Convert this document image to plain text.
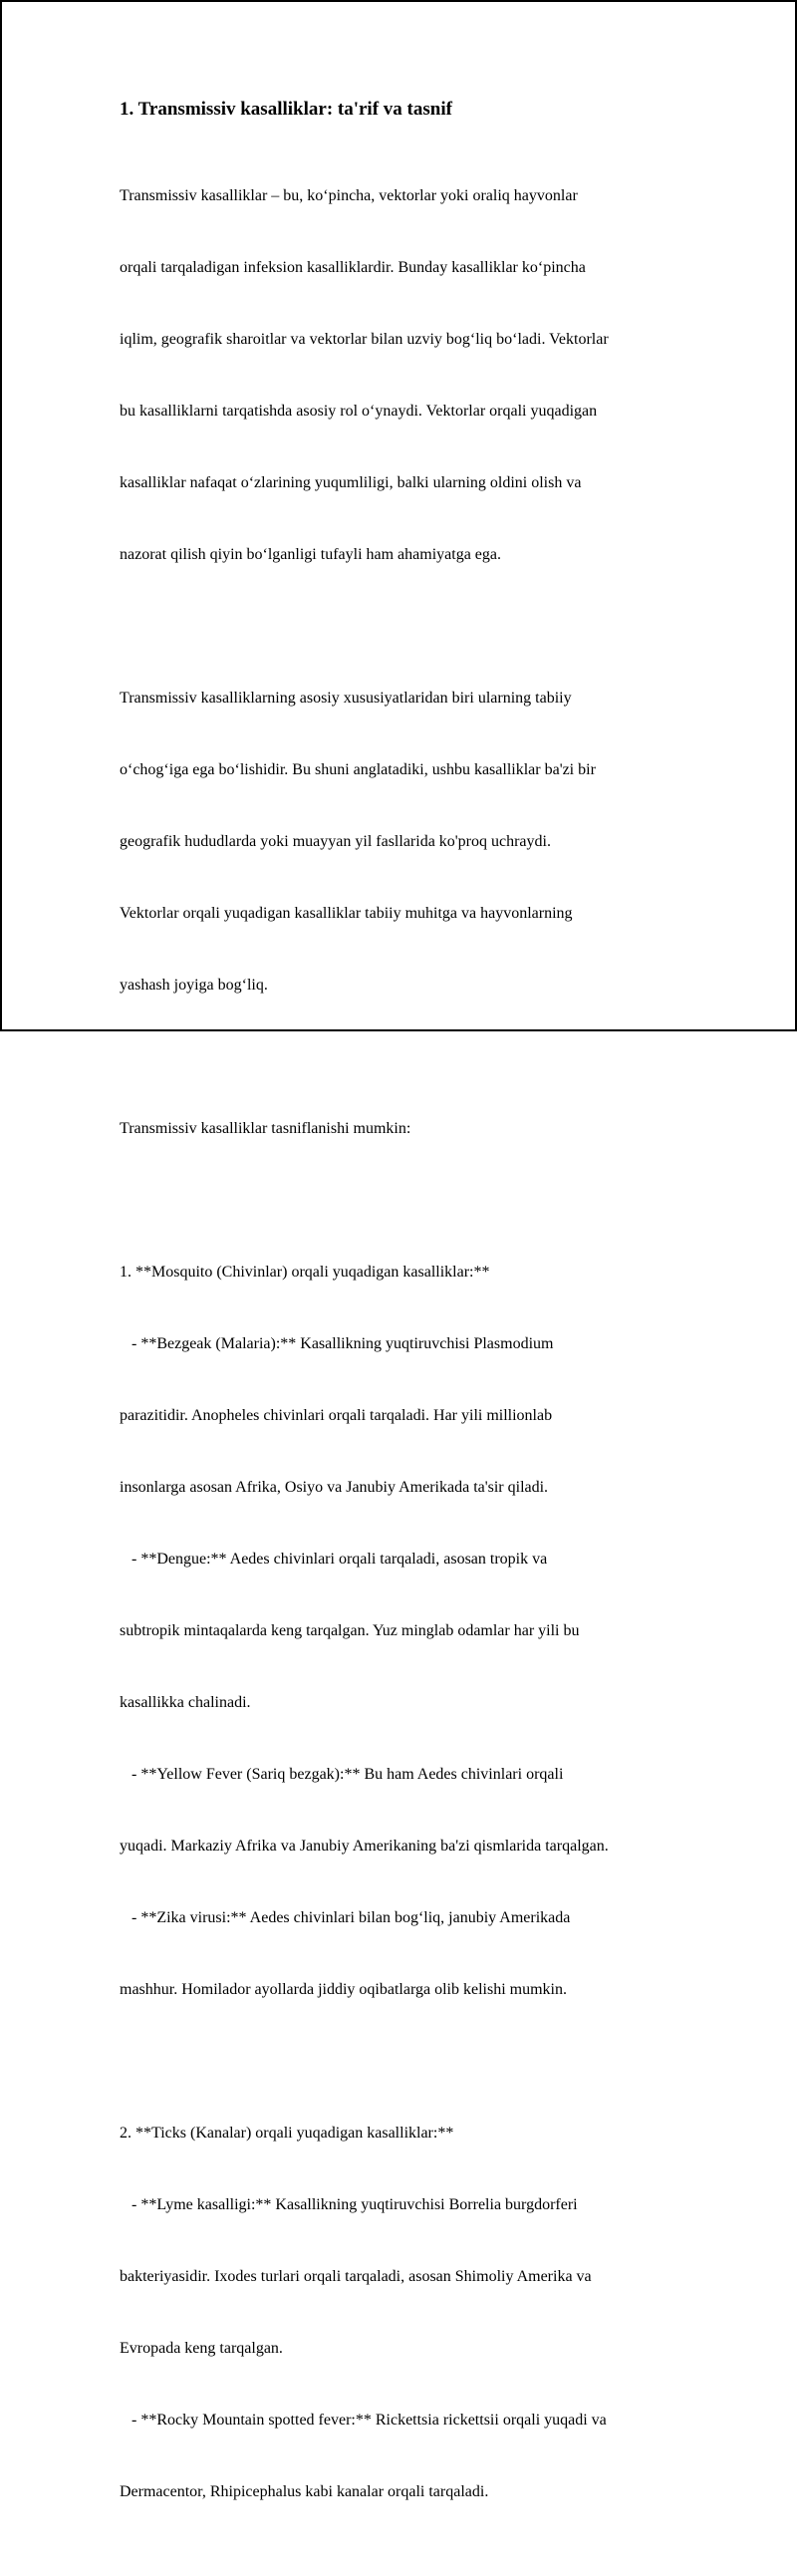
1. Transmissiv kasalliklar: ta'rif va tasnif

Transmissiv kasalliklar – bu, koʻpincha, vektorlar yoki oraliq hayvonlar

orqali tarqaladigan infeksion kasalliklardir. Bunday kasalliklar koʻpincha

iqlim, geografik sharoitlar va vektorlar bilan uzviy bogʻliq boʻladi. Vektorlar

bu kasalliklarni tarqatishda asosiy rol oʻynaydi. Vektorlar orqali yuqadigan

kasalliklar nafaqat oʻzlarining yuqumliligi, balki ularning oldini olish va

nazorat qilish qiyin boʻlganligi tufayli ham ahamiyatga ega.

Transmissiv kasalliklarning asosiy xususiyatlaridan biri ularning tabiiy

oʻchogʻiga ega boʻlishidir. Bu shuni anglatadiki, ushbu kasalliklar ba'zi bir

geografik hududlarda yoki muayyan yil fasllarida ko'proq uchraydi.

Vektorlar orqali yuqadigan kasalliklar tabiiy muhitga va hayvonlarning

yashash joyiga bogʻliq.

Transmissiv kasalliklar tasniflanishi mumkin:

1. **Mosquito (Chivinlar) orqali yuqadigan kasalliklar:**

- **Bezgeak (Malaria):** Kasallikning yuqtiruvchisi Plasmodium

parazitidir. Anopheles chivinlari orqali tarqaladi. Har yili millionlab

insonlarga asosan Afrika, Osiyo va Janubiy Amerikada ta'sir qiladi.

- **Dengue:** Aedes chivinlari orqali tarqaladi, asosan tropik va

subtropik mintaqalarda keng tarqalgan. Yuz minglab odamlar har yili bu

kasallikka chalinadi.

- **Yellow Fever (Sariq bezgak):** Bu ham Aedes chivinlari orqali

yuqadi. Markaziy Afrika va Janubiy Amerikaning ba'zi qismlarida tarqalgan.

- **Zika virusi:** Aedes chivinlari bilan bogʻliq, janubiy Amerikada

mashhur. Homilador ayollarda jiddiy oqibatlarga olib kelishi mumkin.

2. **Ticks (Kanalar) orqali yuqadigan kasalliklar:**

- **Lyme kasalligi:** Kasallikning yuqtiruvchisi Borrelia burgdorferi

bakteriyasidir. Ixodes turlari orqali tarqaladi, asosan Shimoliy Amerika va

Evropada keng tarqalgan.

- **Rocky Mountain spotted fever:** Rickettsia rickettsii orqali yuqadi va

Dermacentor, Rhipicephalus kabi kanalar orqali tarqaladi.
